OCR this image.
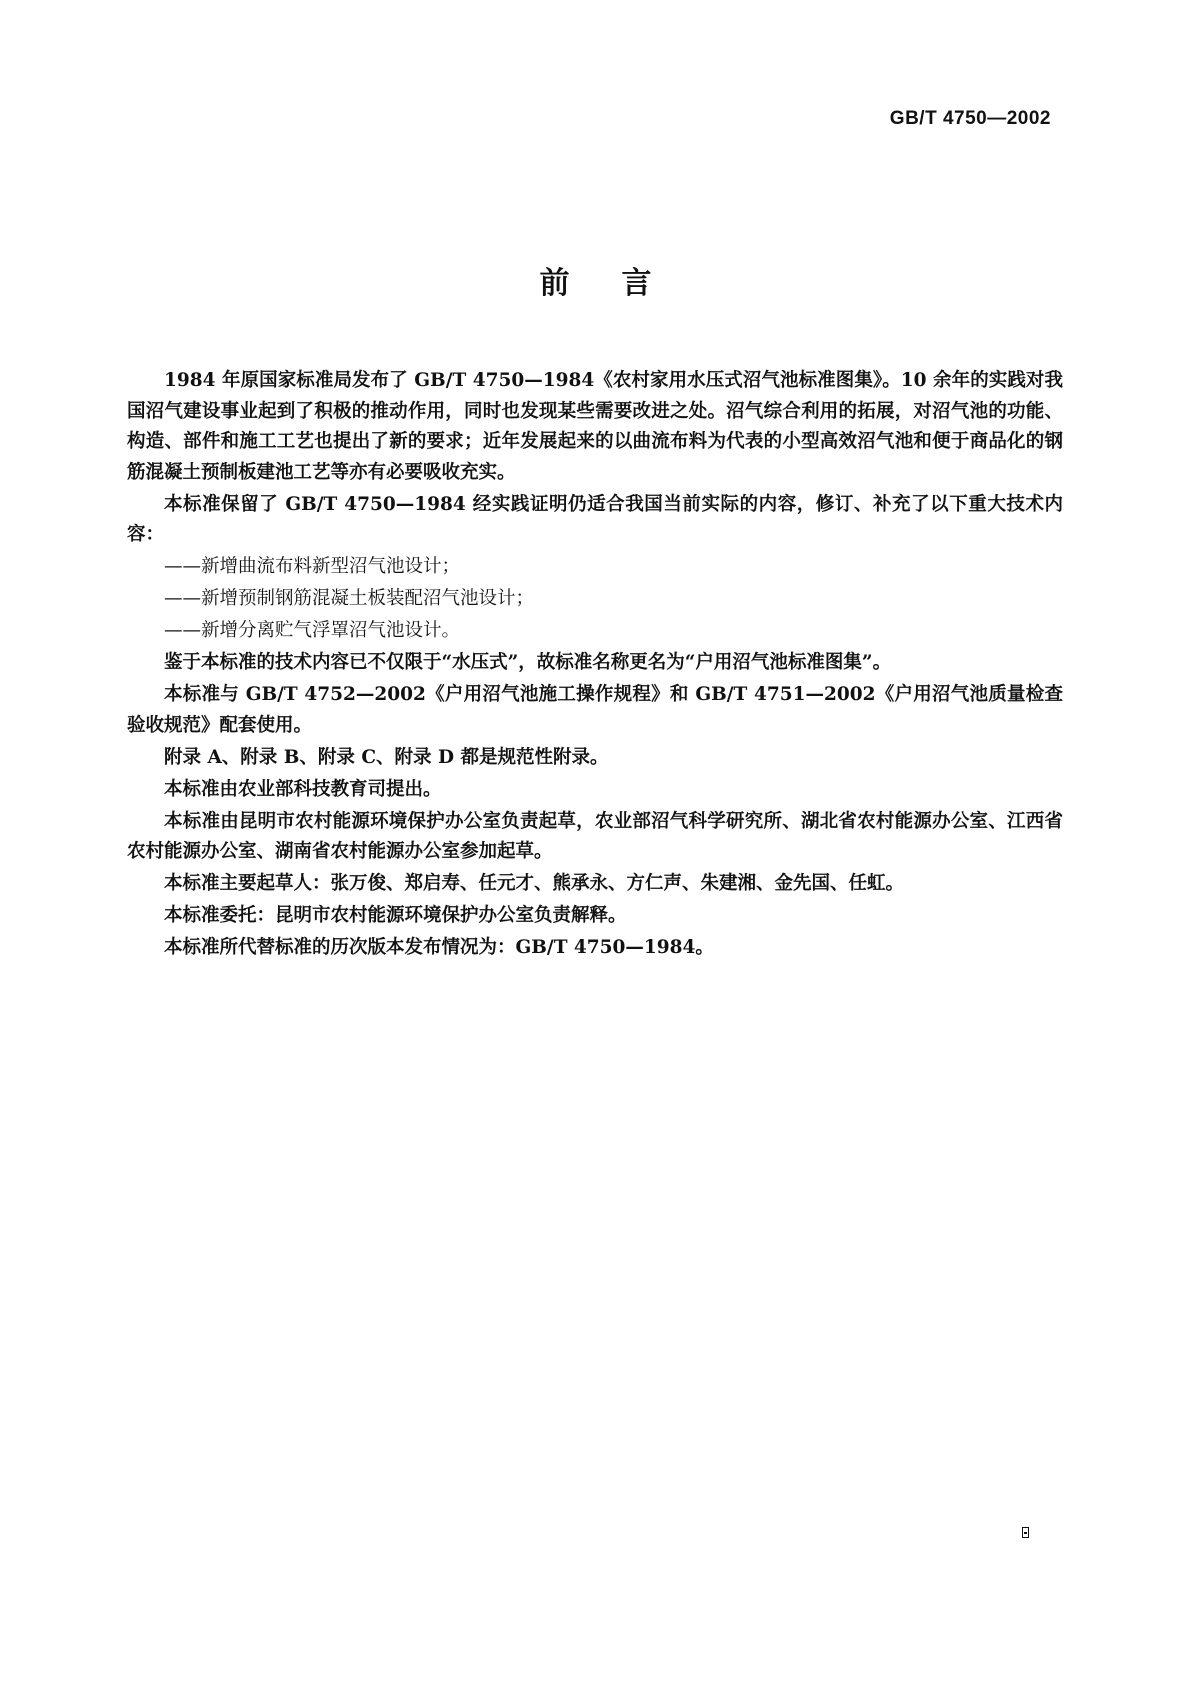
GB/T 4750—2002
前言

1984 年原国家标准局发布了 GB/T 4750—1984《农村家用水压式沼气池标准图集》。10 余年的实践对我国沼气建设事业起到了积极的推动作用，同时也发现某些需要改进之处。沼气综合利用的拓展，对沼气池的功能、构造、部件和施工工艺也提出了新的要求；近年发展起来的以曲流布料为代表的小型高效沼气池和便于商品化的钢筋混凝土预制板建池工艺等亦有必要吸收充实。

本标准保留了 GB/T 4750—1984 经实践证明仍适合我国当前实际的内容，修订、补充了以下重大技术内容：

——新增曲流布料新型沼气池设计；

——新增预制钢筋混凝土板装配沼气池设计；

——新增分离贮气浮罩沼气池设计。

鉴于本标准的技术内容已不仅限于“水压式”，故标准名称更名为“户用沼气池标准图集”。

本标准与 GB/T 4752—2002《户用沼气池施工操作规程》和 GB/T 4751—2002《户用沼气池质量检查验收规范》配套使用。

附录 A、附录 B、附录 C、附录 D 都是规范性附录。

本标准由农业部科技教育司提出。

本标准由昆明市农村能源环境保护办公室负责起草，农业部沼气科学研究所、湖北省农村能源办公室、江西省农村能源办公室、湖南省农村能源办公室参加起草。

本标准主要起草人：张万俊、郑启寿、任元才、熊承永、方仁声、朱建湘、金先国、任虹。

本标准委托：昆明市农村能源环境保护办公室负责解释。

本标准所代替标准的历次版本发布情况为：GB/T 4750—1984。
